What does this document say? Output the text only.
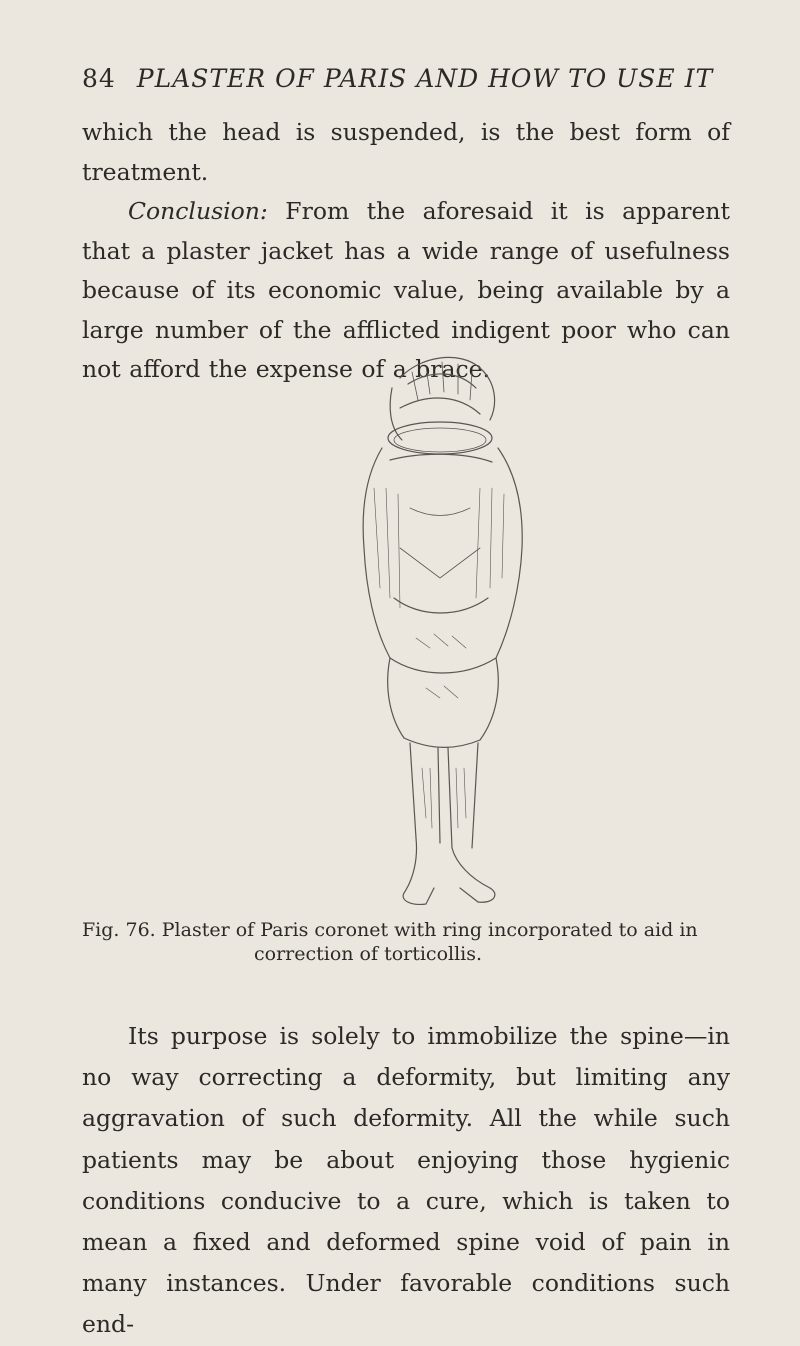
84 PLASTER OF PARIS AND HOW TO USE IT
which the head is suspended, is the best form of treatment.
Conclusion: From the aforesaid it is apparent that a plaster jacket has a wide range of usefulness because of its economic value, being available by a large number of the afflicted indigent poor who can not afford the expense of a brace.
Fig. 76. Plaster of Paris coronet with ring incorporated to aid in
correction of torticollis.
Its purpose is solely to immobilize the spine—in no way correcting a deformity, but limiting any aggravation of such deformity. All the while such patients may be about enjoying those hygienic conditions conducive to a cure, which is taken to mean a fixed and deformed spine void of pain in many instances. Under favorable conditions such end-
